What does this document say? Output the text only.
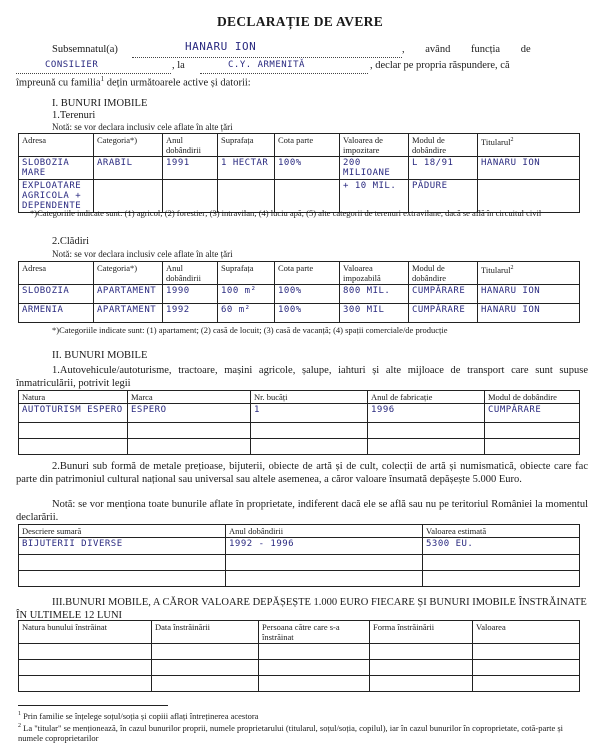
DECLARAȚIE DE AVERE
Subsemnatul(a)	HANARU ION	, având funcția de
CONSILIER	, la	C.Y. ARMENITĂ	, declar pe propria răspundere, că
împreună cu familia$^1$ dețin următoarele active și datorii:
I. BUNURI IMOBILE
1.Terenuri
Notă: se vor declara inclusiv cele aflate în alte țări
Adresa	Categoria*)	Anul dobândirii	Suprafața	Cota parte	Valoarea de impozitare	Modul de dobândire	Titularul$^2$
SLOBOZIA MARE	ARABIL	1991	1 HECTAR	100%	200 MILIOANE	L 18/91	HANARU ION
EXPLOATARE AGRICOLA + DEPENDENTE					+ 10 MIL.	PĂDURE	
*)Categoriile indicate sunt: (1) agricol; (2) forestier; (3) intravilan; (4) luciu apă; (5) alte categorii de terenuri extravilane, dacă se află în circuitul civil
2.Clădiri
Notă: se vor declara inclusiv cele aflate în alte țări
Adresa	Categoria*)	Anul dobândirii	Suprafața	Cota parte	Valoarea impozabilă	Modul de dobândire	Titularul$^2$
SLOBOZIA	APARTAMENT	1990	100 m²	100%	800 MIL.	CUMPĂRARE	HANARU ION
ARMENIA	APARTAMENT	1992	60 m²	100%	300 MIL	CUMPĂRARE	HANARU ION
*)Categoriile indicate sunt: (1) apartament; (2) casă de locuit; (3) casă de vacanță; (4) spații comerciale/de producție
II. BUNURI MOBILE
1.Autovehicule/autoturisme, tractoare, mașini agricole, șalupe, iahturi și alte mijloace de transport care sunt supuse înmatriculării, potrivit legii
Natura	Marca	Nr. bucăți	Anul de fabricație	Modul de dobândire
AUTOTURISM ESPERO	ESPERO	1	1996	CUMPĂRARE

2.Bunuri sub formă de metale prețioase, bijuterii, obiecte de artă și de cult, colecții de artă și numismatică, obiecte care fac parte din patrimoniul cultural național sau universal sau altele asemenea, a căror valoare însumată depășește 5.000 Euro.
Notă: se vor menționa toate bunurile aflate în proprietate, indiferent dacă ele se află sau nu pe teritoriul României la momentul declarării.
Descriere sumară	Anul dobândirii	Valoarea estimată
BIJUTERII DIVERSE	1992 - 1996	5300 EU.

III.BUNURI MOBILE, A CĂROR VALOARE DEPĂȘEȘTE 1.000 EURO FIECARE ȘI BUNURI IMOBILE ÎNSTRĂINATE ÎN ULTIMELE 12 LUNI
Natura bunului înstrăinat	Data înstrăinării	Persoana către care s-a înstrăinat	Forma înstrăinării	Valoarea

$^1$ Prin familie se înțelege soțul/soția și copiii aflați întreținerea acestora
$^2$ La "titular" se menționează, în cazul bunurilor proprii, numele proprietarului (titularul, soțul/soția, copilul), iar în cazul bunurilor în coproprietate, cotă-parte și numele coproprietarilor
